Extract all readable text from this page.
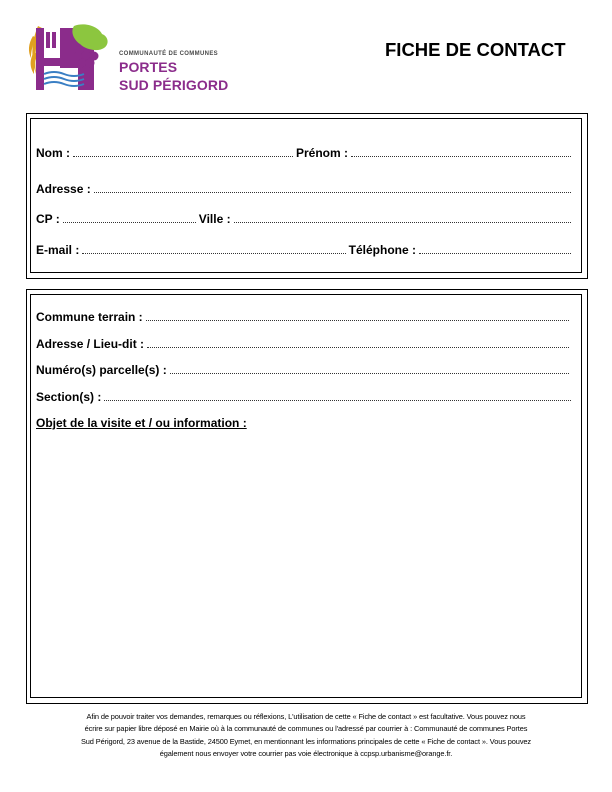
COMMUNAUTÉ DE COMMUNES
PORTES
SUD PÉRIGORD
FICHE DE CONTACT
Nom :	Prénom :
Adresse :
CP :	Ville :
E-mail :	Téléphone :
Commune terrain :
Adresse / Lieu-dit :
Numéro(s) parcelle(s) :
Section(s) :
Objet de la visite et / ou information :
Afin de pouvoir traiter vos demandes, remarques ou réflexions, L'utilisation de cette « Fiche de contact » est facultative. Vous pouvez nous
écrire sur papier libre déposé en Mairie où à la communauté de communes ou l'adressé par courrier à : Communauté de communes Portes
Sud Périgord, 23 avenue de la Bastide, 24500 Eymet, en mentionnant les informations principales de cette « Fiche de contact ». Vous pouvez
également nous envoyer votre courrier pas voie électronique à ccpsp.urbanisme@orange.fr.
